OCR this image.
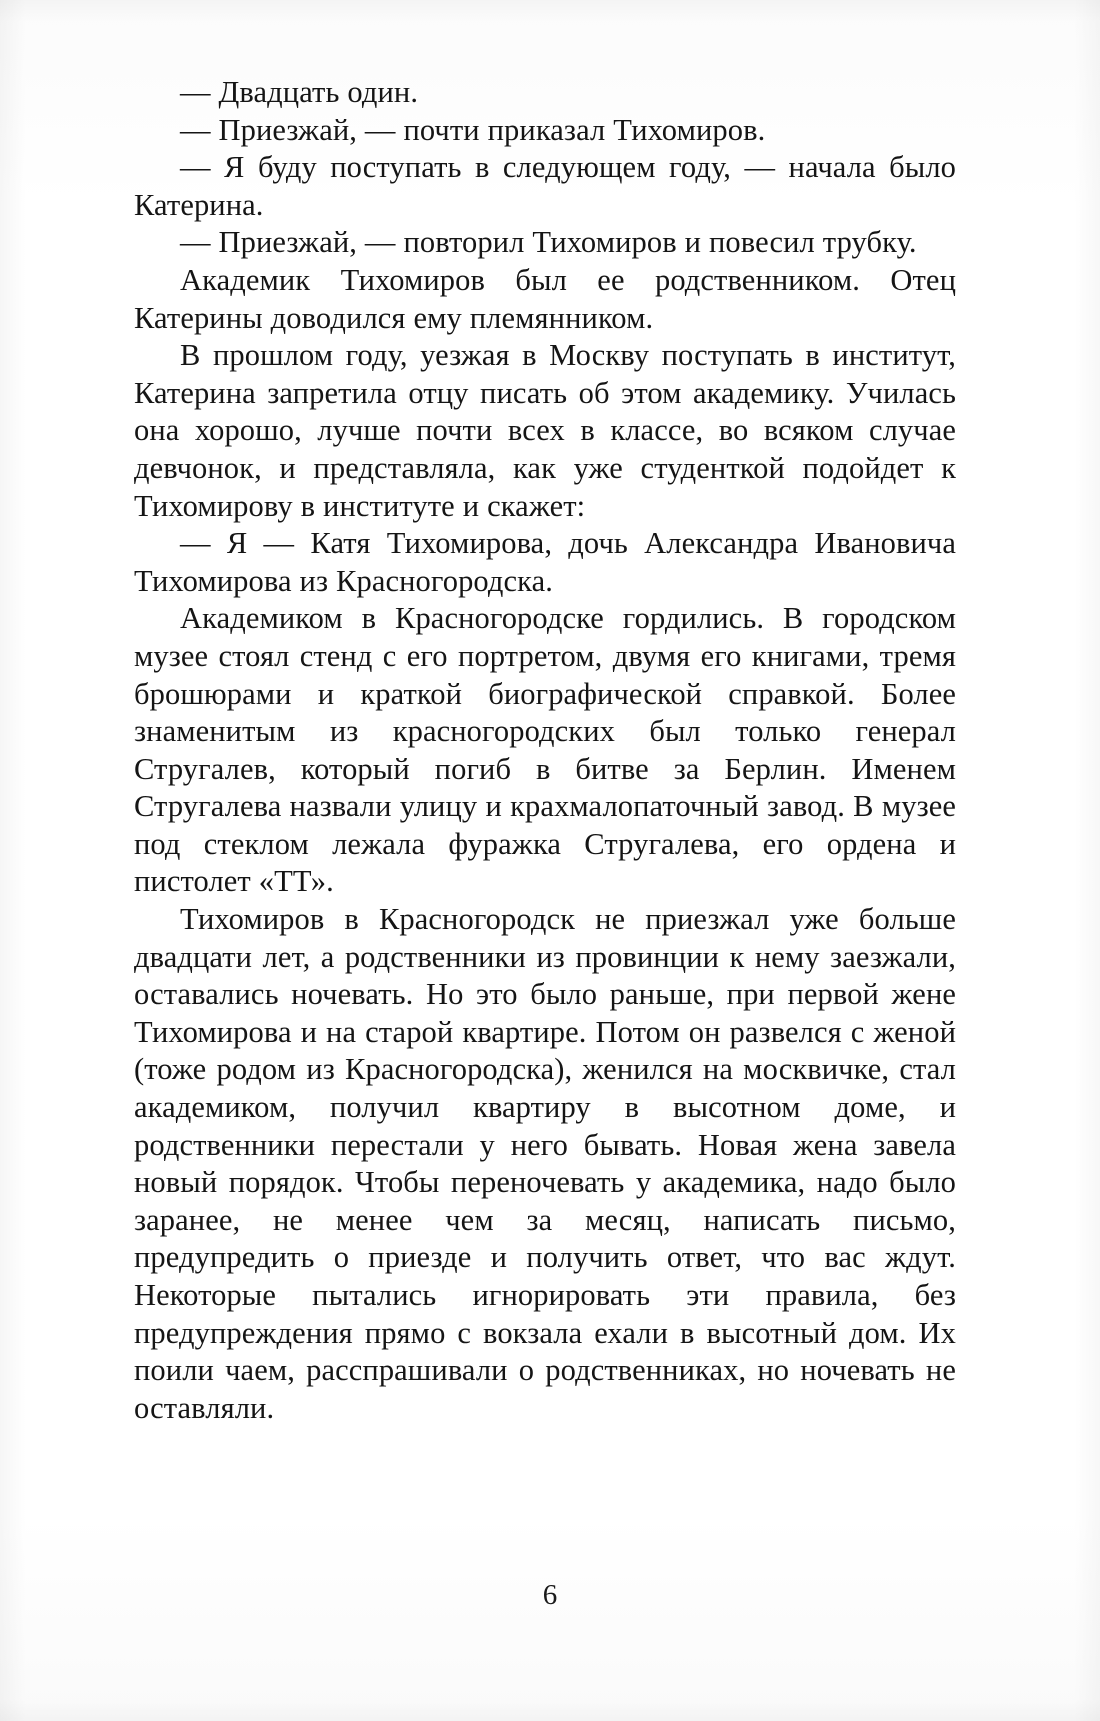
— Двадцать один.

— Приезжай, — почти приказал Тихомиров.

— Я буду поступать в следующем году, — начала было Катерина.

— Приезжай, — повторил Тихомиров и повесил трубку.

Академик Тихомиров был ее родственником. Отец Катерины доводился ему племянником.

В прошлом году, уезжая в Москву поступать в институт, Катерина запретила отцу писать об этом академику. Училась она хорошо, лучше почти всех в классе, во всяком случае девчонок, и представляла, как уже студенткой подойдет к Тихомирову в институте и скажет:

— Я — Катя Тихомирова, дочь Александра Ивановича Тихомирова из Красногородска.

Академиком в Красногородске гордились. В городском музее стоял стенд с его портретом, двумя его книгами, тремя брошюрами и краткой биографической справкой. Более знаменитым из красногородских был только генерал Стругалев, который погиб в битве за Берлин. Именем Стругалева назвали улицу и крахмалопаточный завод. В музее под стеклом лежала фуражка Стругалева, его ордена и пистолет «ТТ».

Тихомиров в Красногородск не приезжал уже больше двадцати лет, а родственники из провинции к нему заезжали, оставались ночевать. Но это было раньше, при первой жене Тихомирова и на старой квартире. Потом он развелся с женой (тоже родом из Красногородска), женился на москвичке, стал академиком, получил квартиру в высотном доме, и родственники перестали у него бывать. Новая жена завела новый порядок. Чтобы переночевать у академика, надо было заранее, не менее чем за месяц, написать письмо, предупредить о приезде и получить ответ, что вас ждут. Некоторые пытались игнорировать эти правила, без предупреждения прямо с вокзала ехали в высотный дом. Их поили чаем, расспрашивали о родственниках, но ночевать не оставляли.

6
